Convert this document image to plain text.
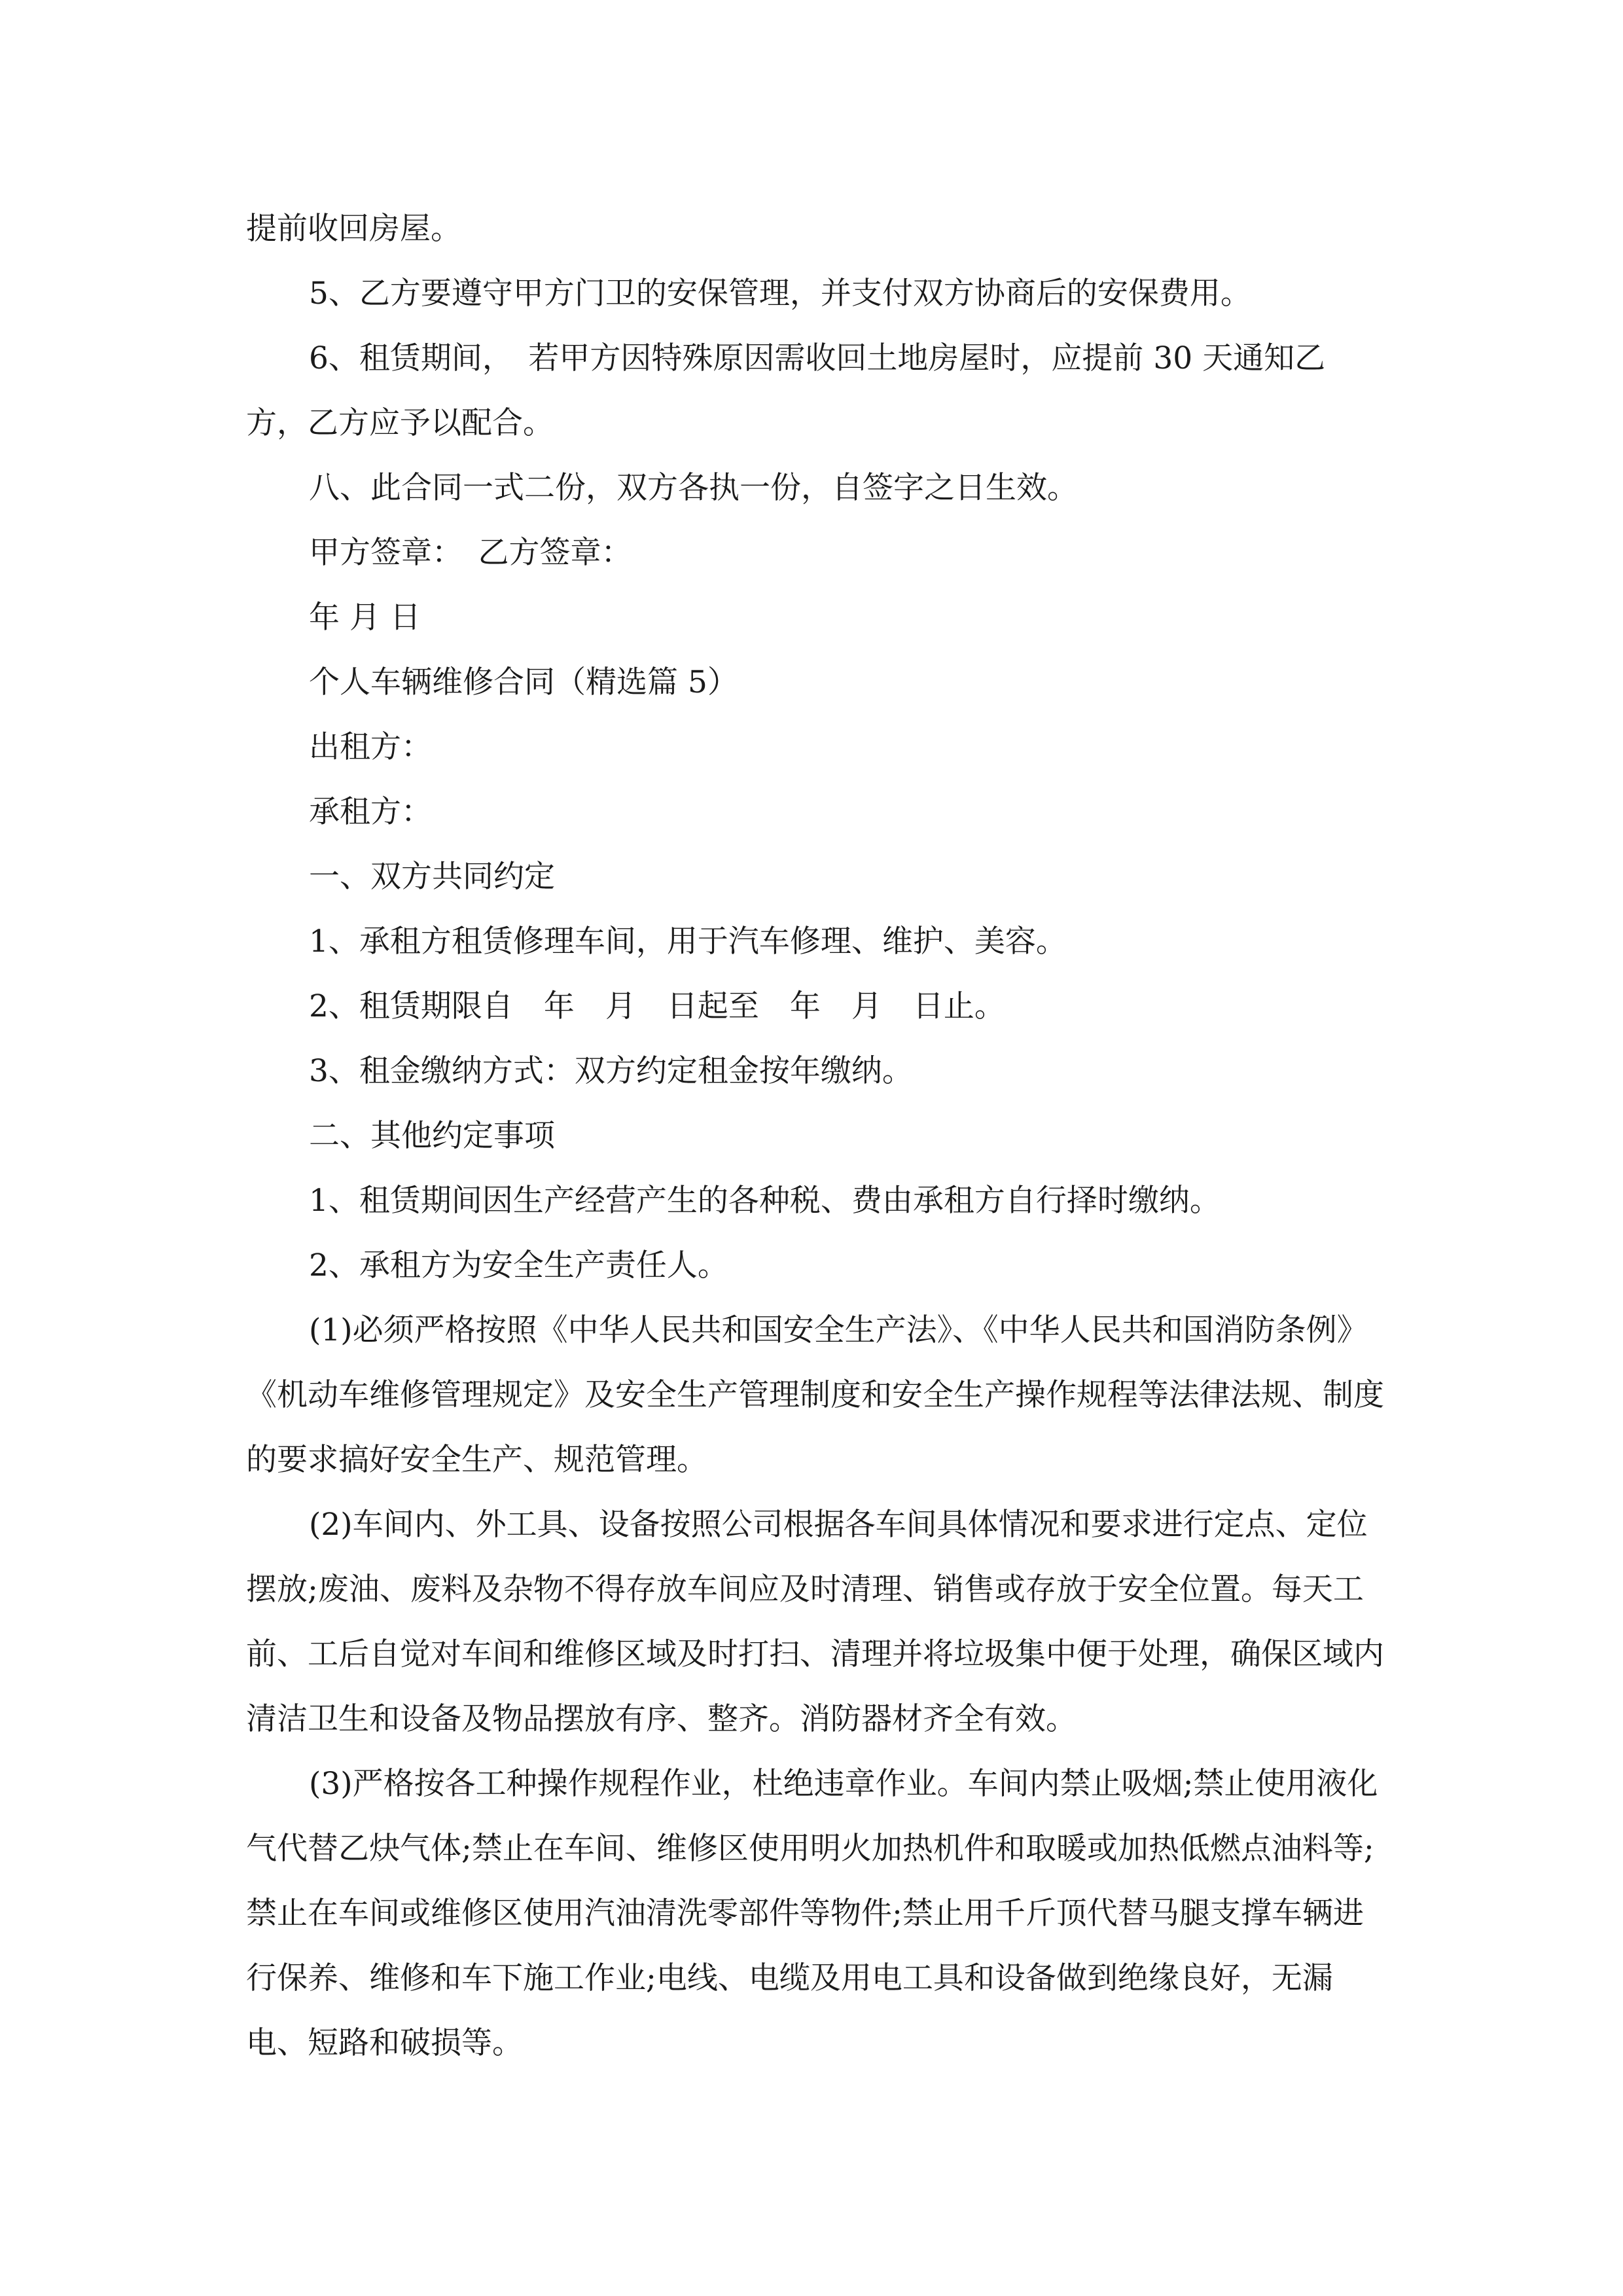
提前收回房屋。

5、乙方要遵守甲方门卫的安保管理，并支付双方协商后的安保费用。

6、租赁期间，　若甲方因特殊原因需收回土地房屋时，应提前 30 天通知乙方，乙方应予以配合。

八、此合同一式二份，双方各执一份，自签字之日生效。

甲方签章：　乙方签章：

年 月 日

个人车辆维修合同（精选篇 5）

出租方：

承租方：

一、双方共同约定

1、承租方租赁修理车间，用于汽车修理、维护、美容。

2、租赁期限自　年　月　日起至　年　月　日止。

3、租金缴纳方式：双方约定租金按年缴纳。

二、其他约定事项

1、租赁期间因生产经营产生的各种税、费由承租方自行择时缴纳。

2、承租方为安全生产责任人。

(1)必须严格按照《中华人民共和国安全生产法》、《中华人民共和国消防条例》《机动车维修管理规定》及安全生产管理制度和安全生产操作规程等法律法规、制度的要求搞好安全生产、规范管理。

(2)车间内、外工具、设备按照公司根据各车间具体情况和要求进行定点、定位摆放;废油、废料及杂物不得存放车间应及时清理、销售或存放于安全位置。每天工前、工后自觉对车间和维修区域及时打扫、清理并将垃圾集中便于处理，确保区域内清洁卫生和设备及物品摆放有序、整齐。消防器材齐全有效。

(3)严格按各工种操作规程作业，杜绝违章作业。车间内禁止吸烟;禁止使用液化气代替乙炔气体;禁止在车间、维修区使用明火加热机件和取暖或加热低燃点油料等;禁止在车间或维修区使用汽油清洗零部件等物件;禁止用千斤顶代替马腿支撑车辆进行保养、维修和车下施工作业;电线、电缆及用电工具和设备做到绝缘良好，无漏电、短路和破损等。
